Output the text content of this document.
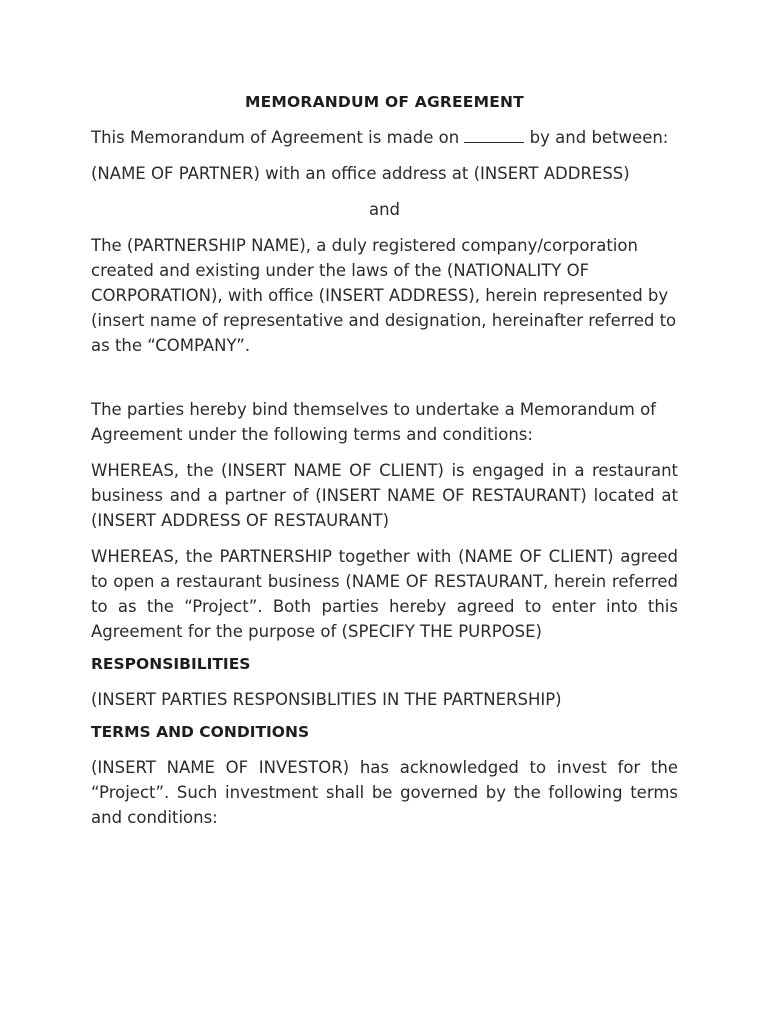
MEMORANDUM OF AGREEMENT

This Memorandum of Agreement is made on	by and between:

(NAME OF PARTNER) with an office address at (INSERT ADDRESS)

and

The (PARTNERSHIP NAME), a duly registered company/corporation created and existing under the laws of the (NATIONALITY OF CORPORATION), with office (INSERT ADDRESS), herein represented by (insert name of representative and designation, hereinafter referred to as the “COMPANY”.

The parties hereby bind themselves to undertake a Memorandum of Agreement under the following terms and conditions:

WHEREAS, the (INSERT NAME OF CLIENT) is engaged in a restaurant business and a partner of (INSERT NAME OF RESTAURANT) located at (INSERT ADDRESS OF RESTAURANT)

WHEREAS, the PARTNERSHIP together with (NAME OF CLIENT) agreed to open a restaurant business (NAME OF RESTAURANT, herein referred to as the “Project”. Both parties hereby agreed to enter into this Agreement for the purpose of (SPECIFY THE PURPOSE)

RESPONSIBILITIES

(INSERT PARTIES RESPONSIBLITIES IN THE PARTNERSHIP)

TERMS AND CONDITIONS

(INSERT NAME OF INVESTOR) has acknowledged to invest for the “Project”. Such investment shall be governed by the following terms and conditions:
